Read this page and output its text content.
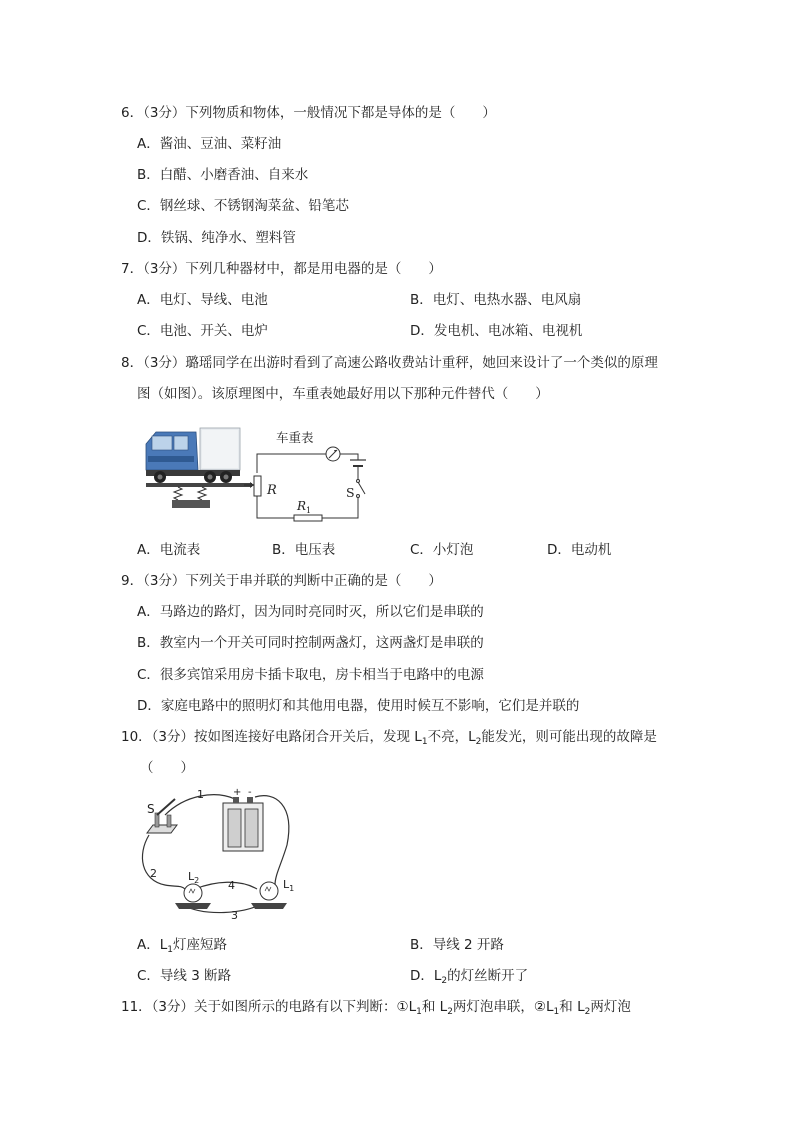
6．（3分）下列物质和物体，一般情况下都是导体的是（　　）
A．酱油、豆油、菜籽油
B．白醋、小磨香油、自来水
C．钢丝球、不锈钢淘菜盆、铅笔芯
D．铁锅、纯净水、塑料管
7．（3分）下列几种器材中，都是用电器的是（　　）
A．电灯、导线、电池	B．电灯、电热水器、电风扇
C．电池、开关、电炉	D．发电机、电冰箱、电视机
8．（3分）璐瑶同学在出游时看到了高速公路收费站计重秤，她回来设计了一个类似的原理
图（如图）。该原理图中，车重表她最好用以下那种元件替代（　　）
车重表
R
$R_1$
S
A．电流表	B．电压表	C．小灯泡	D．电动机
9．（3分）下列关于串并联的判断中正确的是（　　）
A．马路边的路灯，因为同时亮同时灭，所以它们是串联的
B．教室内一个开关可同时控制两盏灯，这两盏灯是串联的
C．很多宾馆采用房卡插卡取电，房卡相当于电路中的电源
D．家庭电路中的照明灯和其他用电器，使用时候互不影响，它们是并联的
10．（3分）按如图连接好电路闭合开关后，发现 $L_1$不亮，$L_2$能发光，则可能出现的故障是
（　　）
S
1	+ -
2	$L_2$	4	$L_1$
3
A．$L_1$灯座短路	B．导线 2 开路
C．导线 3 断路	D．$L_2$的灯丝断开了
11．（3分）关于如图所示的电路有以下判断：$①L_1$和 $L_2$两灯泡串联，$②L_1$和 $L_2$两灯泡
